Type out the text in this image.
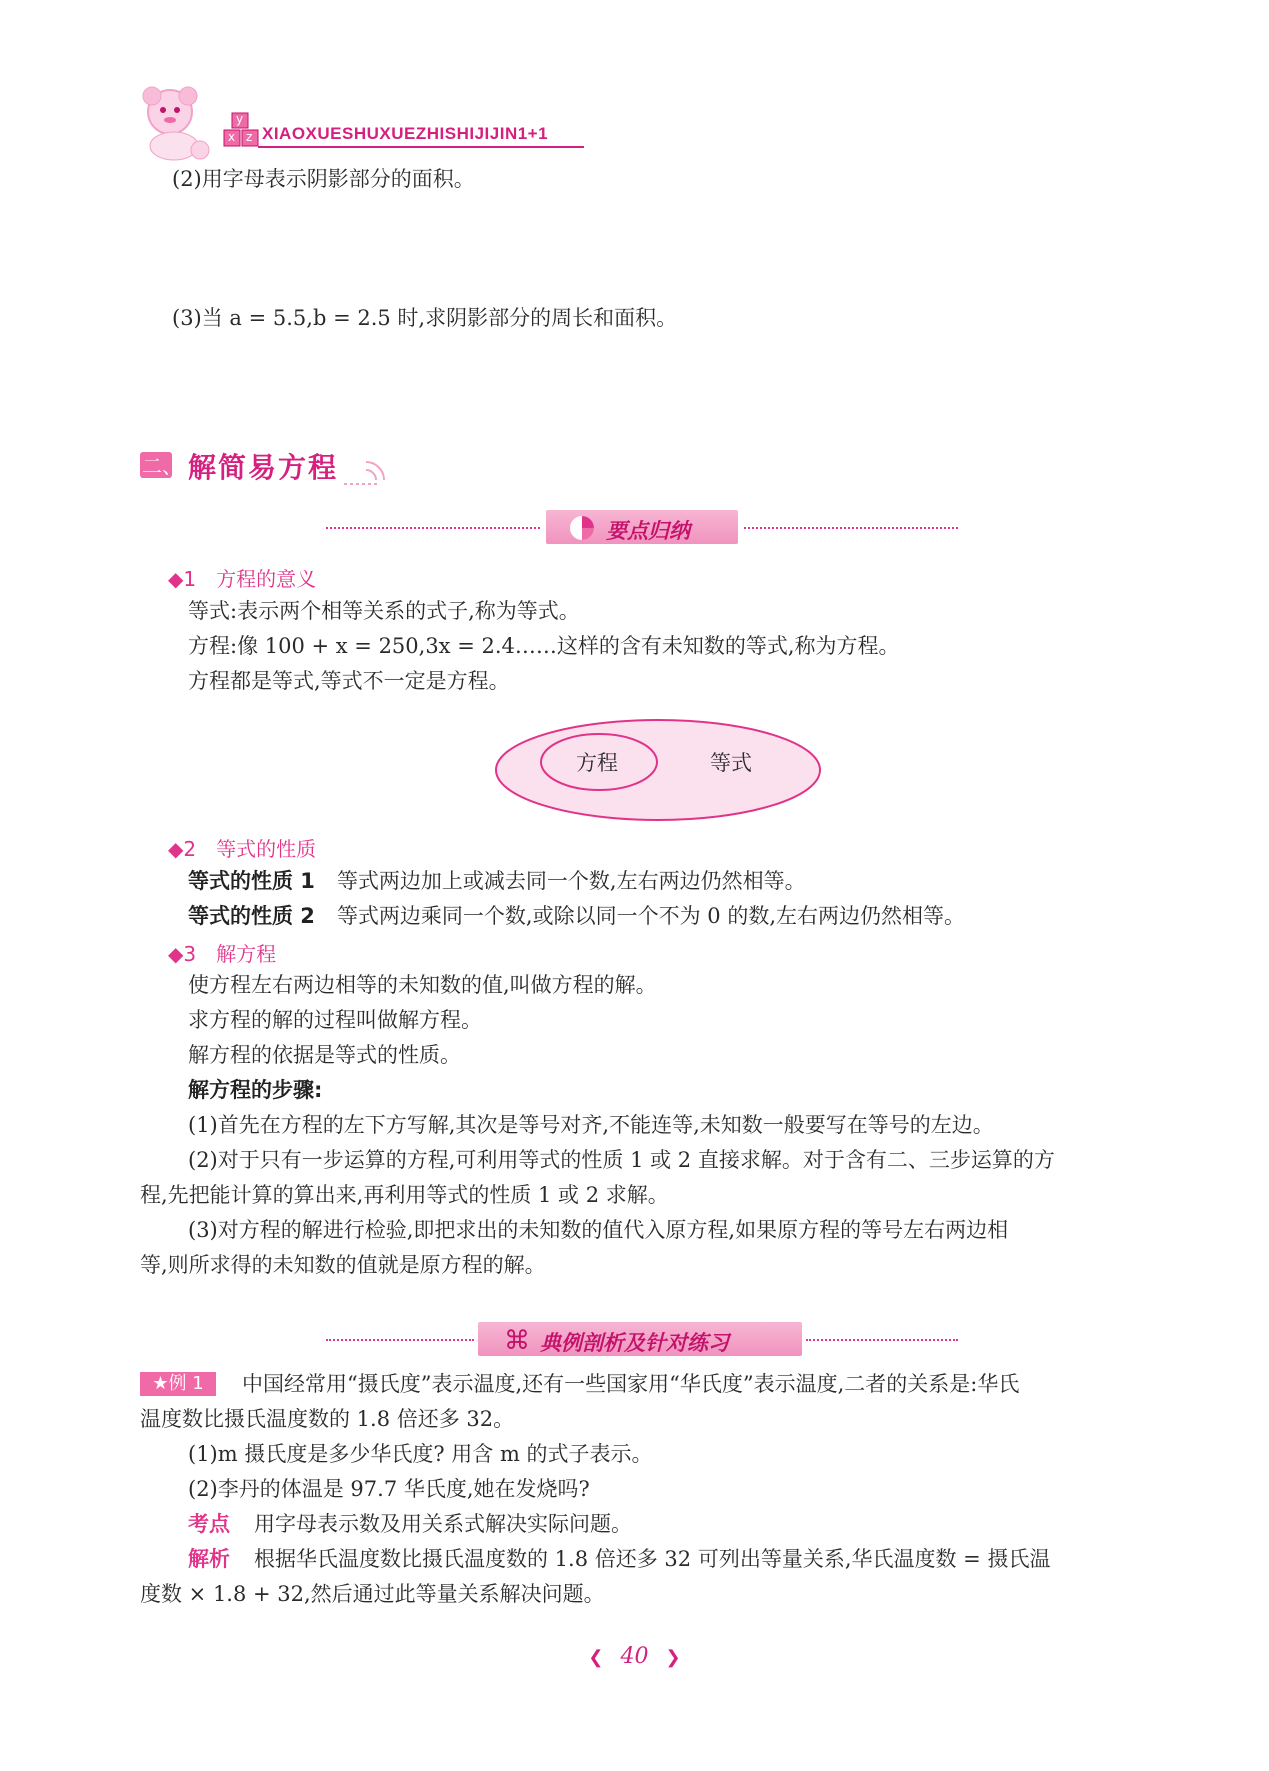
y
x z XIAOXUESHUXUEZHISHIJIJIN1+1
(2)用字母表示阴影部分的面积。
(3)当 a = 5.5,b = 2.5 时,求阴影部分的周长和面积。
二、 解简易方程
要点归纳
◆1　方程的意义
等式:表示两个相等关系的式子,称为等式。
方程:像 100 + x = 250,3x = 2.4……这样的含有未知数的等式,称为方程。
方程都是等式,等式不一定是方程。
方程	等式
◆2　等式的性质
等式的性质 1 等式两边加上或减去同一个数,左右两边仍然相等。
等式的性质 2 等式两边乘同一个数,或除以同一个不为 0 的数,左右两边仍然相等。
◆3　解方程
使方程左右两边相等的未知数的值,叫做方程的解。
求方程的解的过程叫做解方程。
解方程的依据是等式的性质。
解方程的步骤:
(1)首先在方程的左下方写解,其次是等号对齐,不能连等,未知数一般要写在等号的左边。
(2)对于只有一步运算的方程,可利用等式的性质 1 或 2 直接求解。对于含有二、三步运算的方
程,先把能计算的算出来,再利用等式的性质 1 或 2 求解。
(3)对方程的解进行检验,即把求出的未知数的值代入原方程,如果原方程的等号左右两边相
等,则所求得的未知数的值就是原方程的解。
⌘ 典例剖析及针对练习
★例 1	中国经常用“摄氏度”表示温度,还有一些国家用“华氏度”表示温度,二者的关系是:华氏
温度数比摄氏温度数的 1.8 倍还多 32。
(1)m 摄氏度是多少华氏度? 用含 m 的式子表示。
(2)李丹的体温是 97.7 华氏度,她在发烧吗?
考点 用字母表示数及用关系式解决实际问题。
解析 根据华氏温度数比摄氏温度数的 1.8 倍还多 32 可列出等量关系,华氏温度数 = 摄氏温
度数 × 1.8 + 32,然后通过此等量关系解决问题。
❮ 40 ❯
